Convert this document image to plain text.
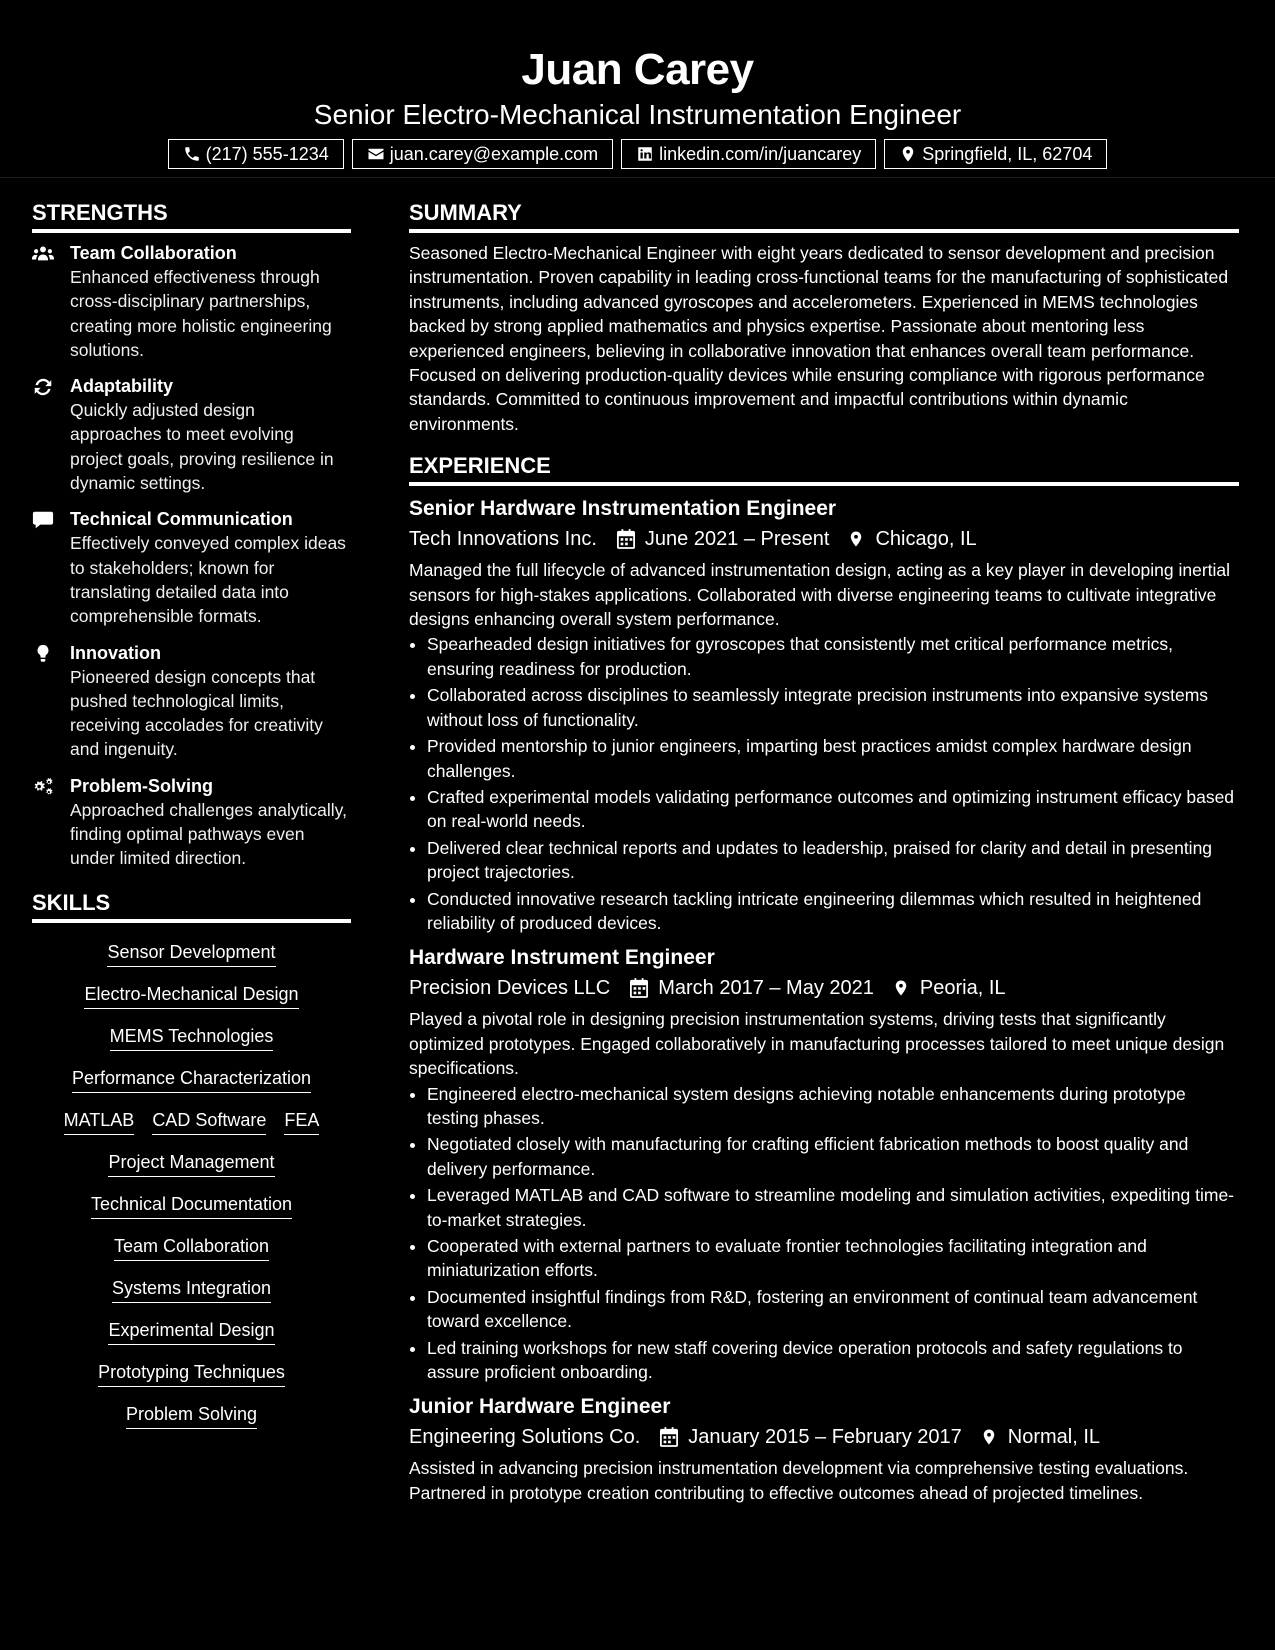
Juan Carey
Senior Electro-Mechanical Instrumentation Engineer
(217) 555-1234	juan.carey@example.com	linkedin.com/in/juancarey	Springfield, IL, 62704
STRENGTHS
Team Collaboration
Enhanced effectiveness through cross-disciplinary partnerships, creating more holistic engineering solutions.
Adaptability
Quickly adjusted design approaches to meet evolving project goals, proving resilience in dynamic settings.
Technical Communication
Effectively conveyed complex ideas to stakeholders; known for translating detailed data into comprehensible formats.
Innovation
Pioneered design concepts that pushed technological limits, receiving accolades for creativity and ingenuity.
Problem-Solving
Approached challenges analytically, finding optimal pathways even under limited direction.
SKILLS
Sensor Development
Electro-Mechanical Design
MEMS Technologies
Performance Characterization
MATLAB CAD Software FEA
Project Management
Technical Documentation
Team Collaboration
Systems Integration
Experimental Design
Prototyping Techniques
Problem Solving
SUMMARY

Seasoned Electro-Mechanical Engineer with eight years dedicated to sensor development and precision instrumentation. Proven capability in leading cross-functional teams for the manufacturing of sophisticated instruments, including advanced gyroscopes and accelerometers. Experienced in MEMS technologies backed by strong applied mathematics and physics expertise. Passionate about mentoring less experienced engineers, believing in collaborative innovation that enhances overall team performance. Focused on delivering production-quality devices while ensuring compliance with rigorous performance standards. Committed to continuous improvement and impactful contributions within dynamic environments.

EXPERIENCE
Senior Hardware Instrumentation Engineer
Tech Innovations Inc. June 2021 – Present Chicago, IL

Managed the full lifecycle of advanced instrumentation design, acting as a key player in developing inertial sensors for high-stakes applications. Collaborated with diverse engineering teams to cultivate integrative designs enhancing overall system performance.

• Spearheaded design initiatives for gyroscopes that consistently met critical performance metrics, ensuring readiness for production.
• Collaborated across disciplines to seamlessly integrate precision instruments into expansive systems without loss of functionality.
• Provided mentorship to junior engineers, imparting best practices amidst complex hardware design challenges.
• Crafted experimental models validating performance outcomes and optimizing instrument efficacy based on real-world needs.
• Delivered clear technical reports and updates to leadership, praised for clarity and detail in presenting project trajectories.
• Conducted innovative research tackling intricate engineering dilemmas which resulted in heightened reliability of produced devices.
Hardware Instrument Engineer
Precision Devices LLC March 2017 – May 2021 Peoria, IL

Played a pivotal role in designing precision instrumentation systems, driving tests that significantly optimized prototypes. Engaged collaboratively in manufacturing processes tailored to meet unique design specifications.

• Engineered electro-mechanical system designs achieving notable enhancements during prototype testing phases.
• Negotiated closely with manufacturing for crafting efficient fabrication methods to boost quality and delivery performance.
• Leveraged MATLAB and CAD software to streamline modeling and simulation activities, expediting time-to-market strategies.
• Cooperated with external partners to evaluate frontier technologies facilitating integration and miniaturization efforts.
• Documented insightful findings from R&D, fostering an environment of continual team advancement toward excellence.
• Led training workshops for new staff covering device operation protocols and safety regulations to assure proficient onboarding.
Junior Hardware Engineer
Engineering Solutions Co. January 2015 – February 2017 Normal, IL

Assisted in advancing precision instrumentation development via comprehensive testing evaluations. Partnered in prototype creation contributing to effective outcomes ahead of projected timelines.
